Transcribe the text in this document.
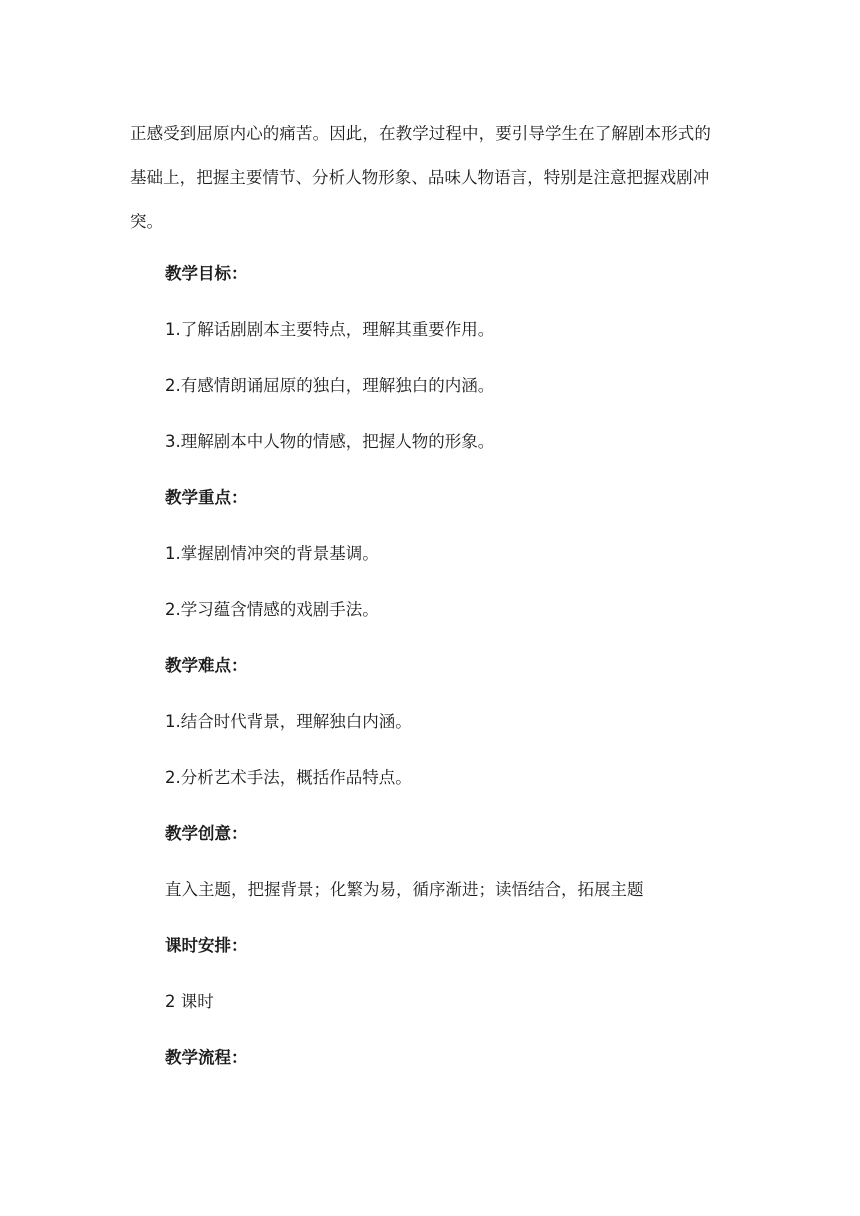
正感受到屈原内心的痛苦。因此，在教学过程中，要引导学生在了解剧本形式的
基础上，把握主要情节、分析人物形象、品味人物语言，特别是注意把握戏剧冲
突。

教学目标：

1.了解话剧剧本主要特点，理解其重要作用。

2.有感情朗诵屈原的独白，理解独白的内涵。

3.理解剧本中人物的情感，把握人物的形象。

教学重点：

1.掌握剧情冲突的背景基调。

2.学习蕴含情感的戏剧手法。

教学难点：

1.结合时代背景，理解独白内涵。

2.分析艺术手法，概括作品特点。

教学创意：

直入主题，把握背景；化繁为易，循序渐进；读悟结合，拓展主题

课时安排：

2 课时

教学流程：
